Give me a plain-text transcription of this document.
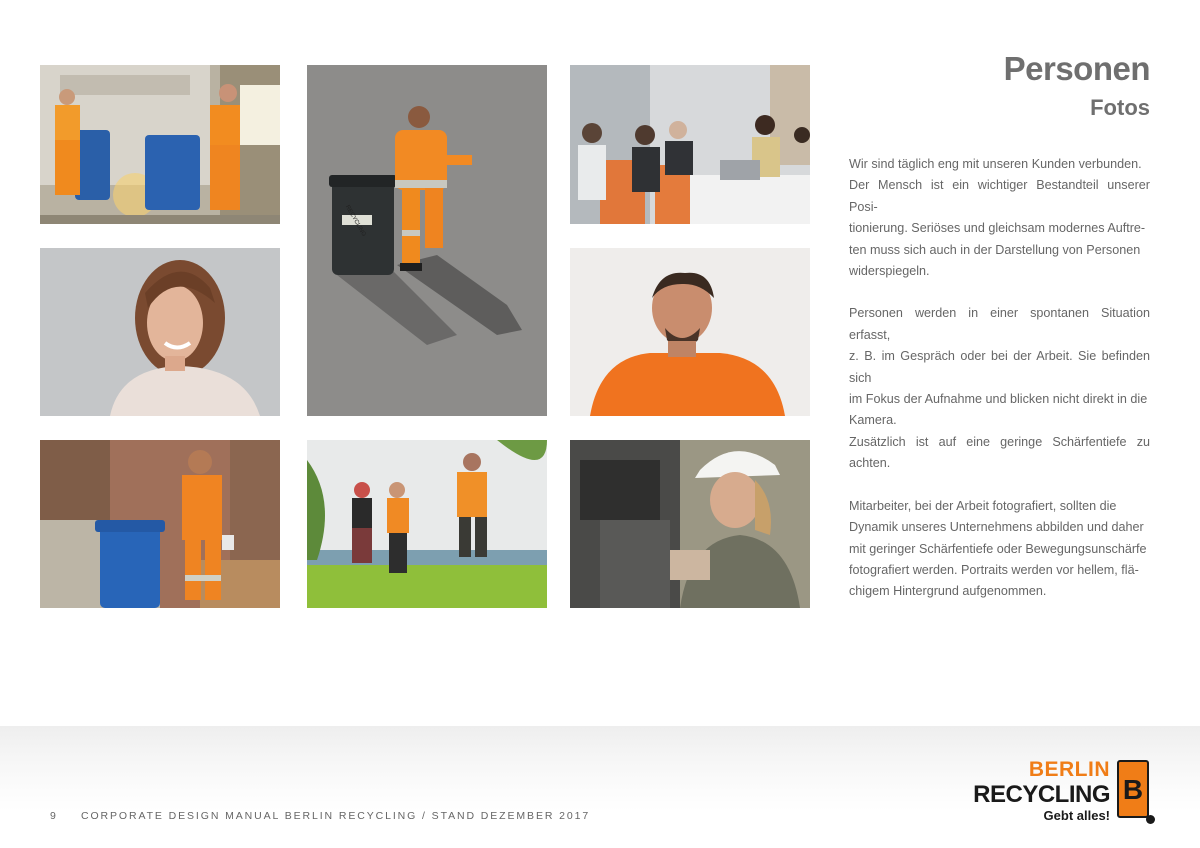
RECYCLING
Personen
Fotos

Wir sind täglich eng mit unseren Kunden verbunden.
Der Mensch ist ein wichtiger Bestandteil unserer Posi-
tionierung. Seriöses und gleichsam modernes Auftre-
ten muss sich auch in der Darstellung von Personen
widerspiegeln.

Personen werden in einer spontanen Situation erfasst,
z. B. im Gespräch oder bei der Arbeit. Sie befinden sich
im Fokus der Aufnahme und blicken nicht direkt in die
Kamera.
Zusätzlich ist auf eine geringe Schärfentiefe zu achten.

Mitarbeiter, bei der Arbeit fotografiert, sollten die
Dynamik unseres Unternehmens abbilden und daher
mit geringer Schärfentiefe oder Bewegungsunschärfe
fotografiert werden. Portraits werden vor hellem, flä-
chigem Hintergrund aufgenommen.

9 CORPORATE DESIGN MANUAL BERLIN RECYCLING / STAND DEZEMBER 2017
BERLIN
RECYCLING
Gebt alles!
B
